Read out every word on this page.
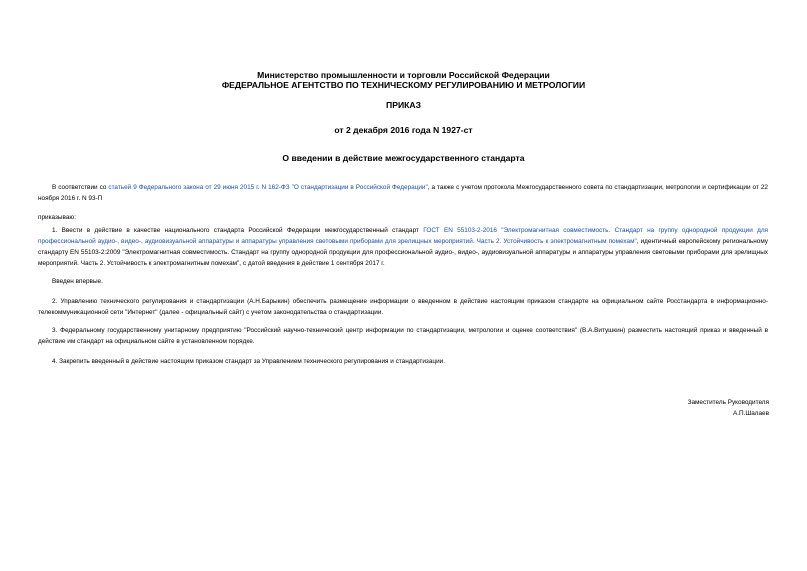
Министерство промышленности и торговли Российской Федерации
ФЕДЕРАЛЬНОЕ АГЕНТСТВО ПО ТЕХНИЧЕСКОМУ РЕГУЛИРОВАНИЮ И МЕТРОЛОГИИ
ПРИКАЗ
от 2 декабря 2016 года N 1927-ст
О введении в действие межгосударственного стандарта
В соответствии со статьей 9 Федерального закона от 29 июня 2015 г. N 162-ФЗ "О стандартизации в Российской Федерации", а также с учетом протокола Межгосударственного совета по стандартизации, метрологии и сертификации от 22 ноября 2016 г. N 93-П
приказываю:
1. Ввести в действие в качестве национального стандарта Российской Федерации межгосударственный стандарт ГОСТ EN 55103-2-2016 "Электромагнитная совместимость. Стандарт на группу однородной продукции для профессиональной аудио-, видео-, аудиовизуальной аппаратуры и аппаратуры управления световыми приборами для зрелищных мероприятий. Часть 2. Устойчивость к электромагнитным помехам", идентичный европейскому региональному стандарту EN 55103-2:2009 "Электромагнитная совместимость. Стандарт на группу однородной продукции для профессиональной аудио-, видео-, аудиовизуальной аппаратуры и аппаратуры управления световыми приборами для зрелищных мероприятий. Часть 2. Устойчивость к электромагнитным помехам", с датой введения в действие 1 сентября 2017 г.
Введен впервые.
2. Управлению технического регулирования и стандартизации (А.Н.Барыкин) обеспечить размещение информации о введенном в действие настоящим приказом стандарте на официальном сайте Росстандарта в информационно-телекоммуникационной сети "Интернет" (далее - официальный сайт) с учетом законодательства о стандартизации.
3. Федеральному государственному унитарному предприятию "Российский научно-технический центр информации по стандартизации, метрологии и оценке соответствия" (В.А.Витушкин) разместить настоящий приказ и введенный в действие им стандарт на официальном сайте в установленном порядке.
4. Закрепить введенный в действие настоящим приказом стандарт за Управлением технического регулирования и стандартизации.
Заместитель Руководителя
А.П.Шалаев
